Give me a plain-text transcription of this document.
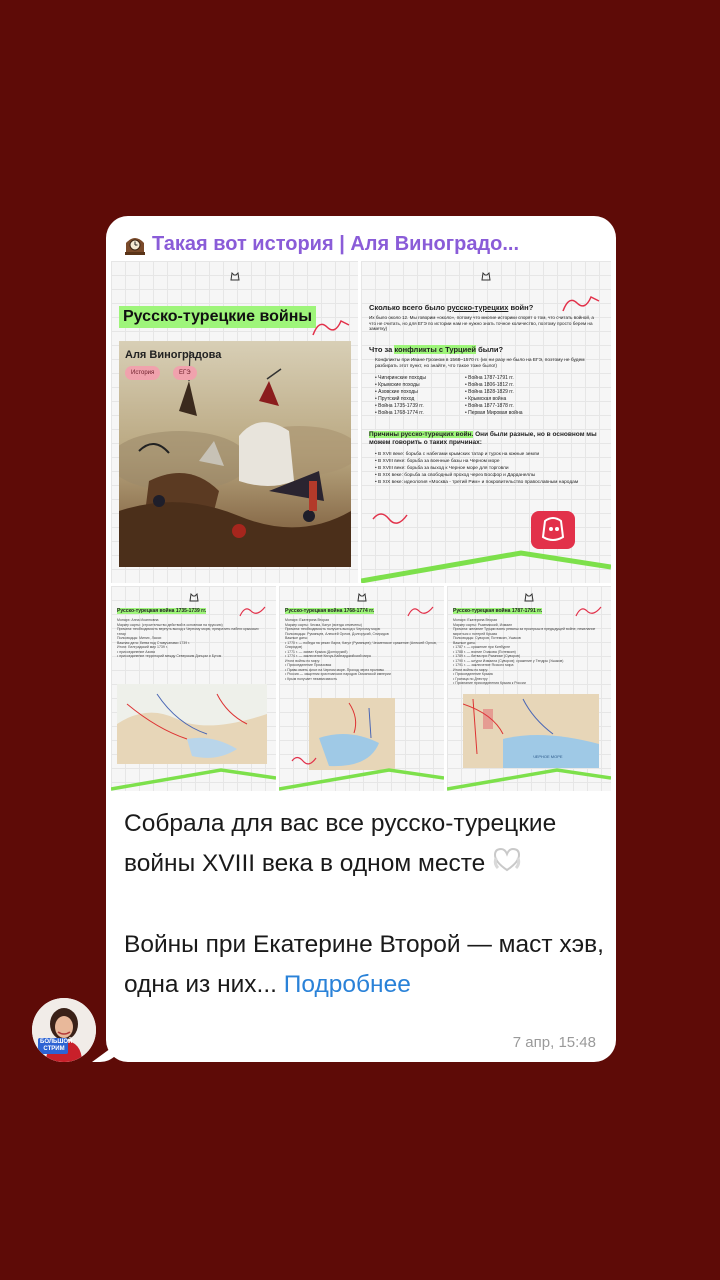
Такая вот история | Аля Виноградо...
Русско-турецкие войны
Аля Виноградова
История	ЕГЭ
Сколько всего было русско-турецких войн?
Их было около 12. Мы говорим «около», потому что многие историки спорят о том, что считать войной, а что не считать, но для ЕГЭ по истории нам не нужно знать точное количество, поэтому просто берем на заметку)
Что за конфликты с Турцией были?
Конфликты при Иване Грозном в 1568–1570 гг. (их ни разу не было на ЕГЭ, поэтому не будем разбирать этот пункт, но знайте, что такое тоже было!)
• Чигиринские походы
• Крымские походы
• Азовские походы
• Прутский поход
• Война 1735-1739 гг.
• Война 1768-1774 гг.
• Война 1787-1791 гг.
• Война 1806-1812 гг.
• Война 1828-1829 гг.
• Крымская война
• Война 1877-1878 гг.
• Первая Мировая война
Причины русско-турецких войн. Они были разные, но в основном мы можем говорить о таких причинах:
• В XVII веке: борьба с набегами крымских татар и турок на южные земли
• В XVIII веке: борьба за военные базы на Черном море
• В XVIII веке: борьба за выход к Черное море для торговли
• В XIX веке: борьба за свободный проход через Босфор и Дарданеллы
• В XIX веке: идеология «Москва - третий Рим» и покровительство православным народам
Русско-турецкая война 1735-1739 гг.
Монарх: Анна Иоанновна
Маркер карты: (строительство действий в основном на пруссию)
Причина: необходимость вернуть выход к Черному морю, прекратить набеги крымских татар
Полководцы: Миних, Ласси
Важная дата: битва под Ставучанами 1739 г.
Итоги: Белградский мир 1739 г.
• присоединение Азова
• присоединение территорий между Северским Донцом и Бугом
Русско-турецкая война 1768-1774 гг.
Монарх: Екатерина Вторая
Маркер карты: Чесма, Кагул (всегда отмечены)
Причина: необходимость получить выход к Черному морю
Полководцы: Румянцев, Алексей Орлов, Долгорукий, Спиридов
Важные даты:
• 1770 г. — победа на реках Ларга, Кагул (Румянцев); Чесменское сражение (Алексей Орлов, Спиридов)
• 1771 г. — захват Крыма (Долгорукий)
• 1774 г. — заключение Кючук-Кайнарджийский мира
Итоги войны по миру:
• Присоединение Приазовья
• Право иметь флот на Черном море. Проход через проливы
• Россия — защитник христианских народов Османской империи
• Крым получает независимость
Русско-турецкая война 1787-1791 гг.
Монарх: Екатерина Вторая
Маркер карты: Рымникский, Измаил
Причина: желание Турции взять реванш за проигрыш в предыдущей войне, нежелание мириться с потерей Крыма
Полководцы: Суворов, Потемкин, Ушаков
Важные даты:
• 1787 г. — сражение при Кинбурне
• 1788 г. — взятие Очакова (Потемкин)
• 1789 г. — битва при Рымнике (Суворов)
• 1790 г. — штурм Измаила (Суворов); сражение у Тендры (Ушаков)
• 1791 г. — заключение Ясского мира
Итоги войны по миру:
• Присоединение Крыма
• Граница по Днестру
• Признание присоединения Крыма к России
ЧЕРНОЕ МОРЕ

Собрала для вас все русско-турецкие войны XVIII века в одном месте

Войны при Екатерине Второй — маст хэв, одна из них... Подробнее

7 апр, 15:48
БОЛЬШОЙ
СТРИМ
